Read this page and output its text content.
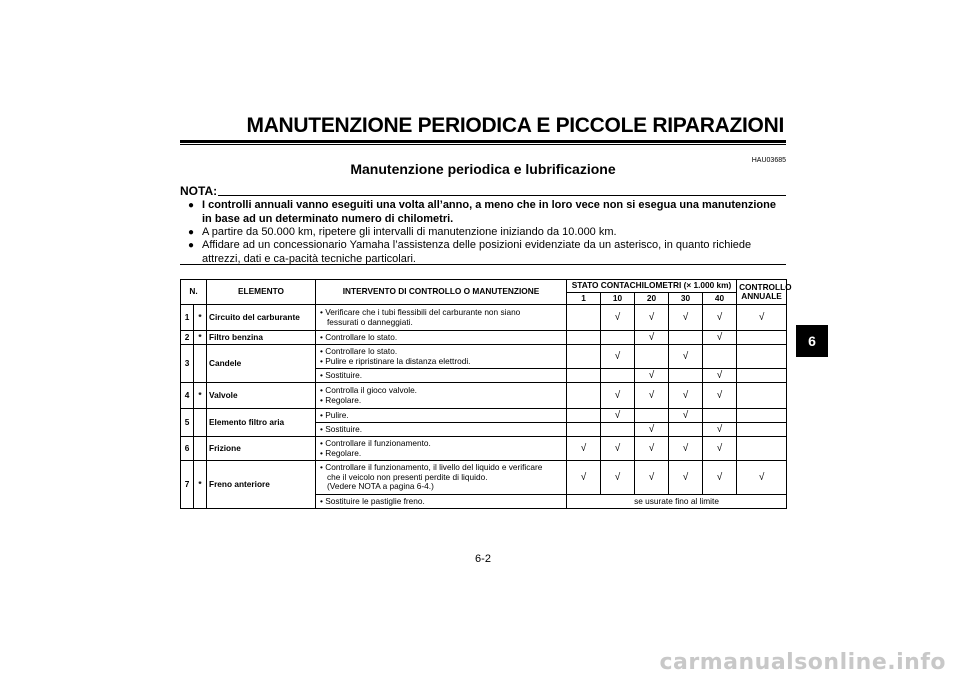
MANUTENZIONE PERIODICA E PICCOLE RIPARAZIONI
HAU03685
Manutenzione periodica e lubrificazione
NOTA:
● I controlli annuali vanno eseguiti una volta all’anno, a meno che in loro vece non si esegua una manutenzione in base ad un determinato numero di chilometri.
● A partire da 50.000 km, ripetere gli intervalli di manutenzione iniziando da 10.000 km.
● Affidare ad un concessionario Yamaha l’assistenza delle posizioni evidenziate da un asterisco, in quanto richiede attrezzi, dati e ca-pacità tecniche particolari.
N.		ELEMENTO	INTERVENTO DI CONTROLLO O MANUTENZIONE	STATO CONTACHILOMETRI (× 1.000 km)					CONTROLLO
ANNUALE

				1	10	20	30	40	
1	*	Circuito del carburante	• Verificare che i tubi flessibili del carburante non siano
fessurati o danneggiati.		√	√	√	√	√
2	*	Filtro benzina	• Controllare lo stato.			√		√	
3		Candele	• Controllare lo stato.
• Pulire e ripristinare la distanza elettrodi.		√		√		

			• Sostituire.			√		√	
4	*	Valvole	• Controlla il gioco valvole.
• Regolare.		√	√	√	√	
5		Elemento filtro aria	• Pulire.		√		√		

			• Sostituire.			√		√	
6		Frizione	• Controllare il funzionamento.
• Regolare.	√	√	√	√	√	
7	*	Freno anteriore	• Controllare il funzionamento, il livello del liquido e verificare
che il veicolo non presenti perdite di liquido.
(Vedere NOTA a pagina 6-4.)	√	√	√	√	√	√

			• Sostituire le pastiglie freno.	se usurate fino al limite					
6-2
6
carmanualsonline.info
